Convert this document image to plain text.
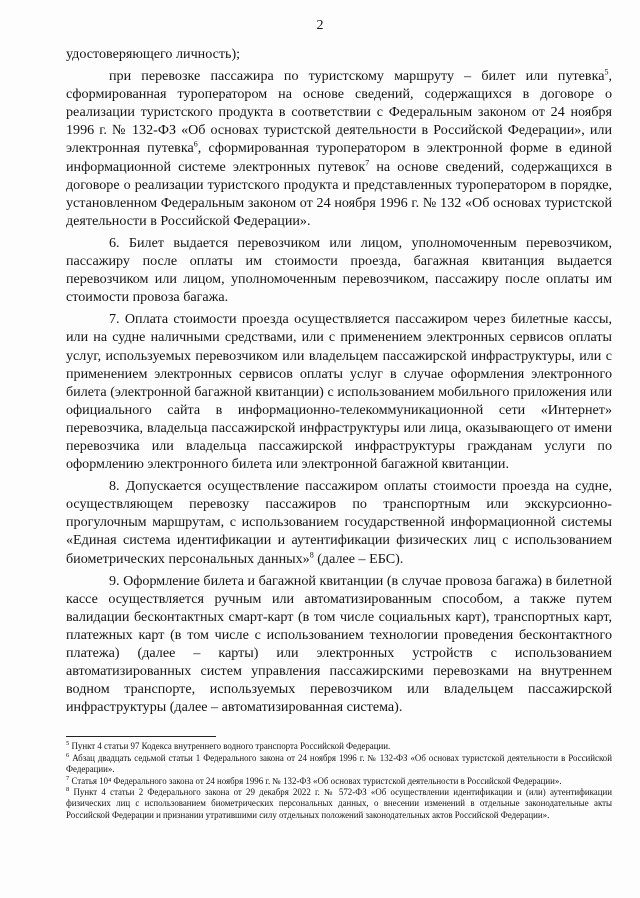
2

удостоверяющего личность);

при перевозке пассажира по туристскому маршруту – билет или путевка$^5$, сформированная туроператором на основе сведений, содержащихся в договоре о реализации туристского продукта в соответствии с Федеральным законом от 24 ноября 1996 г. № 132-ФЗ «Об основах туристской деятельности в Российской Федерации», или электронная путевка$^6$, сформированная туроператором в электронной форме в единой информационной системе электронных путевок$^7$ на основе сведений, содержащихся в договоре о реализации туристского продукта и представленных туроператором в порядке, установленном Федеральным законом от 24 ноября 1996 г. № 132 «Об основах туристской деятельности в Российской Федерации».

6. Билет выдается перевозчиком или лицом, уполномоченным перевозчиком, пассажиру после оплаты им стоимости проезда, багажная квитанция выдается перевозчиком или лицом, уполномоченным перевозчиком, пассажиру после оплаты им стоимости провоза багажа.

7. Оплата стоимости проезда осуществляется пассажиром через билетные кассы, или на судне наличными средствами, или с применением электронных сервисов оплаты услуг, используемых перевозчиком или владельцем пассажирской инфраструктуры, или с применением электронных сервисов оплаты услуг в случае оформления электронного билета (электронной багажной квитанции) с использованием мобильного приложения или официального сайта в информационно-телекоммуникационной сети «Интернет» перевозчика, владельца пассажирской инфраструктуры или лица, оказывающего от имени перевозчика или владельца пассажирской инфраструктуры гражданам услуги по оформлению электронного билета или электронной багажной квитанции.

8. Допускается осуществление пассажиром оплаты стоимости проезда на судне, осуществляющем перевозку пассажиров по транспортным или экскурсионно-прогулочным маршрутам, с использованием государственной информационной системы «Единая система идентификации и аутентификации физических лиц с использованием биометрических персональных данных»$^8$ (далее – ЕБС).

9. Оформление билета и багажной квитанции (в случае провоза багажа) в билетной кассе осуществляется ручным или автоматизированным способом, а также путем валидации бесконтактных смарт-карт (в том числе социальных карт), транспортных карт, платежных карт (в том числе с использованием технологии проведения бесконтактного платежа) (далее – карты) или электронных устройств с использованием автоматизированных систем управления пассажирскими перевозками на внутреннем водном транспорте, используемых перевозчиком или владельцем пассажирской инфраструктуры (далее – автоматизированная система).

$^5$ Пункт 4 статьи 97 Кодекса внутреннего водного транспорта Российской Федерации.

$^6$ Абзац двадцать седьмой статьи 1 Федерального закона от 24 ноября 1996 г. № 132-ФЗ «Об основах туристской деятельности в Российской Федерации».

$^7$ Статья 10⁴ Федерального закона от 24 ноября 1996 г. № 132-ФЗ «Об основах туристской деятельности в Российской Федерации».

$^8$ Пункт 4 статьи 2 Федерального закона от 29 декабря 2022 г. № 572-ФЗ «Об осуществлении идентификации и (или) аутентификации физических лиц с использованием биометрических персональных данных, о внесении изменений в отдельные законодательные акты Российской Федерации и признании утратившими силу отдельных положений законодательных актов Российской Федерации».
